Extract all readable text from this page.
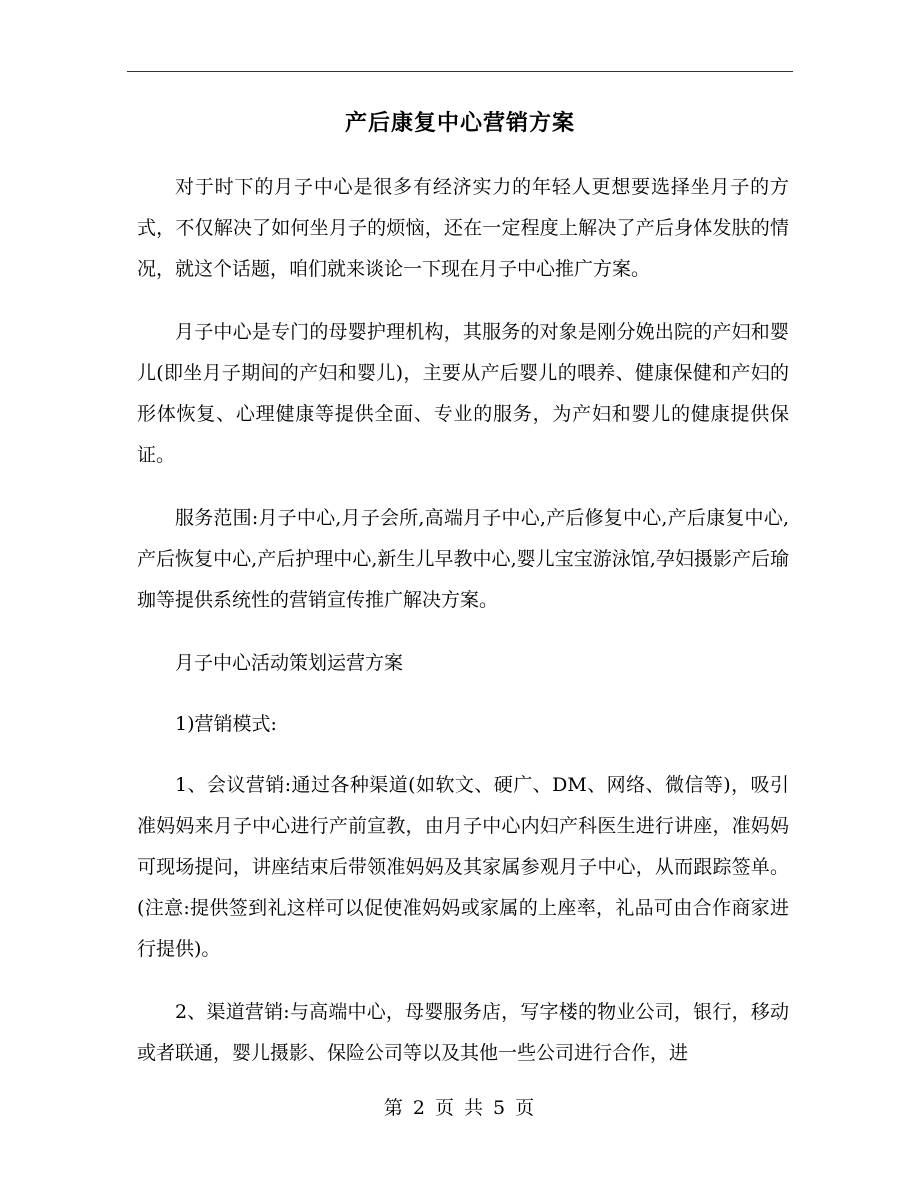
产后康复中心营销方案

对于时下的月子中心是很多有经济实力的年轻人更想要选择坐月子的方式，不仅解决了如何坐月子的烦恼，还在一定程度上解决了产后身体发肤的情况，就这个话题，咱们就来谈论一下现在月子中心推广方案。

月子中心是专门的母婴护理机构，其服务的对象是刚分娩出院的产妇和婴儿(即坐月子期间的产妇和婴儿)，主要从产后婴儿的喂养、健康保健和产妇的形体恢复、心理健康等提供全面、专业的服务，为产妇和婴儿的健康提供保证。

服务范围:月子中心,月子会所,高端月子中心,产后修复中心,产后康复中心,产后恢复中心,产后护理中心,新生儿早教中心,婴儿宝宝游泳馆,孕妇摄影产后瑜珈等提供系统性的营销宣传推广解决方案。

月子中心活动策划运营方案

1)营销模式:

1、会议营销:通过各种渠道(如软文、硬广、DM、网络、微信等)，吸引准妈妈来月子中心进行产前宣教，由月子中心内妇产科医生进行讲座，准妈妈可现场提问，讲座结束后带领准妈妈及其家属参观月子中心，从而跟踪签单。(注意:提供签到礼这样可以促使准妈妈或家属的上座率，礼品可由合作商家进行提供)。

2、渠道营销:与高端中心，母婴服务店，写字楼的物业公司，银行，移动或者联通，婴儿摄影、保险公司等以及其他一些公司进行合作，进

第 2 页 共 5 页
